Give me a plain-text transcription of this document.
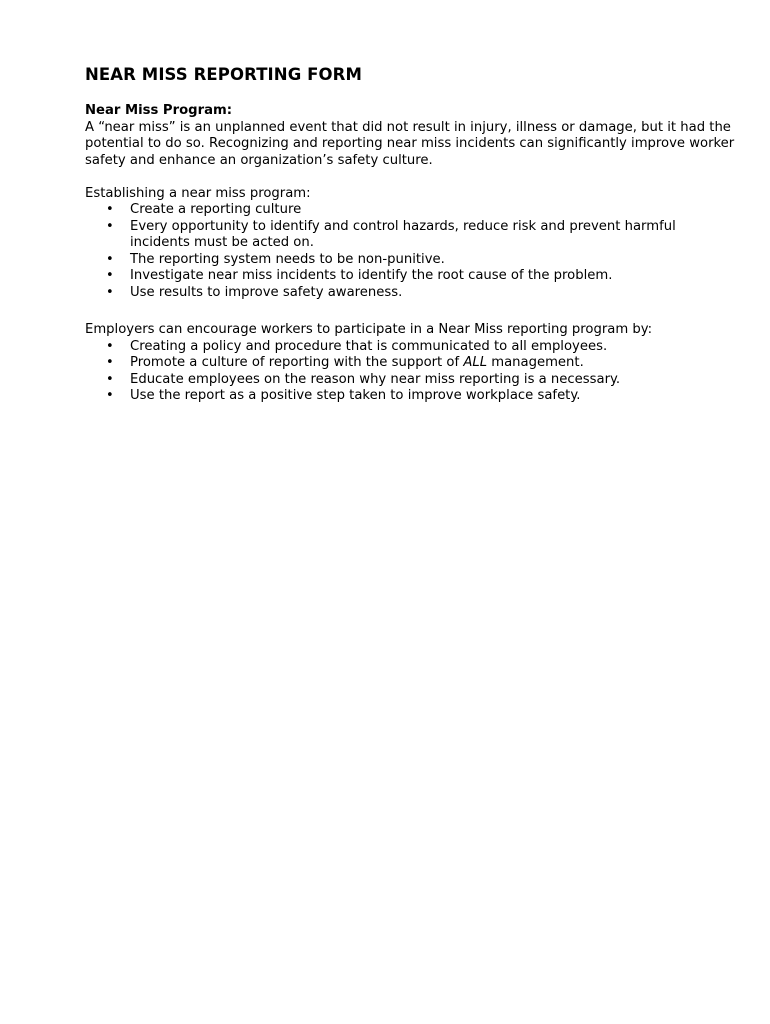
NEAR MISS REPORTING FORM

Near Miss Program:

A “near miss” is an unplanned event that did not result in injury, illness or damage, but it had the potential to do so. Recognizing and reporting near miss incidents can significantly improve worker safety and enhance an organization’s safety culture.

Establishing a near miss program:

• Create a reporting culture
• Every opportunity to identify and control hazards, reduce risk and prevent harmful incidents must be acted on.
• The reporting system needs to be non-punitive.
• Investigate near miss incidents to identify the root cause of the problem.
• Use results to improve safety awareness.

Employers can encourage workers to participate in a Near Miss reporting program by:

• Creating a policy and procedure that is communicated to all employees.
• Promote a culture of reporting with the support of ALL management.
• Educate employees on the reason why near miss reporting is a necessary.
• Use the report as a positive step taken to improve workplace safety.
